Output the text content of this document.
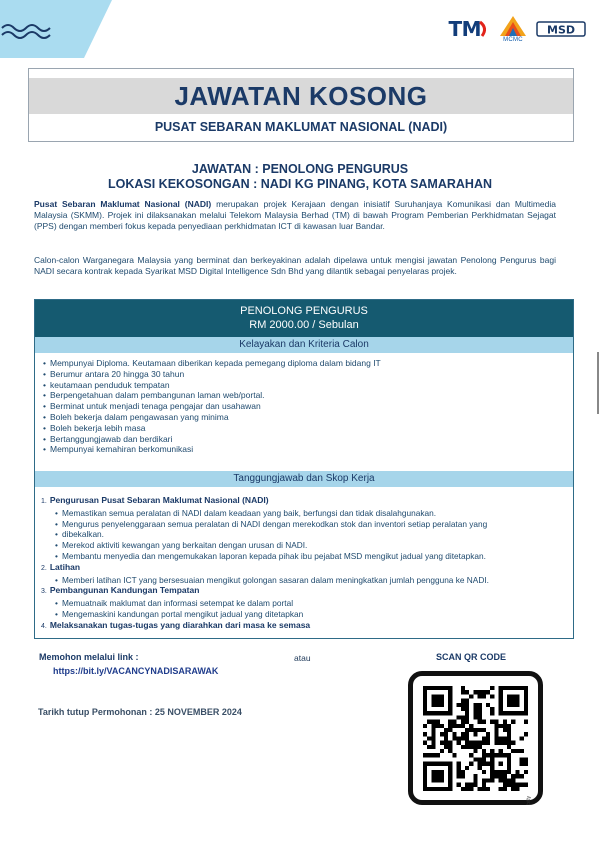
TM	MCMC
MSD
JAWATAN KOSONG
PUSAT SEBARAN MAKLUMAT NASIONAL (NADI)
JAWATAN : PENOLONG PENGURUS
LOKASI KEKOSONGAN : NADI KG PINANG, KOTA SAMARAHAN
Pusat Sebaran Maklumat Nasional (NADI) merupakan projek Kerajaan dengan inisiatif Suruhanjaya Komunikasi dan Multimedia Malaysia (SKMM). Projek ini dilaksanakan melalui Telekom Malaysia Berhad (TM) di bawah Program Pemberian Perkhidmatan Sejagat (PPS) dengan memberi fokus kepada penyediaan perkhidmatan ICT di kawasan luar Bandar.
Calon-calon Warganegara Malaysia yang berminat dan berkeyakinan adalah dipelawa untuk mengisi jawatan Penolong Pengurus bagi NADI secara kontrak kepada Syarikat MSD Digital Intelligence Sdn Bhd yang dilantik sebagai penyelaras projek.
PENOLONG PENGURUS
RM 2000.00 / Sebulan
Kelayakan dan Kriteria Calon
• Mempunyai Diploma. Keutamaan diberikan kepada pemegang diploma dalam bidang IT
• Berumur antara 20 hingga 30 tahun
• keutamaan penduduk tempatan
• Berpengetahuan dalam pembangunan laman web/portal.
• Berminat untuk menjadi tenaga pengajar dan usahawan
• Boleh bekerja dalam pengawasan yang minima
• Boleh bekerja lebih masa
• Bertanggungjawab dan berdikari
• Mempunyai kemahiran berkomunikasi
Tanggungjawab dan Skop Kerja
1. Pengurusan Pusat Sebaran Maklumat Nasional (NADI)
• Memastikan semua peralatan di NADI dalam keadaan yang baik, berfungsi dan tidak disalahgunakan.
• Mengurus penyelenggaraan semua peralatan di NADI dengan merekodkan stok dan inventori setiap peralatan yang
• dibekalkan.
• Merekod aktiviti kewangan yang berkaitan dengan urusan di NADI.
• Membantu menyedia dan mengemukakan laporan kepada pihak ibu pejabat MSD mengikut jadual yang ditetapkan.
2. Latihan
• Memberi latihan ICT yang bersesuaian mengikut golongan sasaran dalam meningkatkan jumlah pengguna ke NADI.
3. Pembangunan Kandungan Tempatan
• Memuatnaik maklumat dan informasi setempat ke dalam portal
• Mengemaskini kandungan portal mengikut jadual yang ditetapkan
4. Melaksanakan tugas-tugas yang diarahkan dari masa ke semasa
Memohon melalui link :
https://bit.ly/VACANCYNADISARAWAK
atau	SCAN QR CODE
Tarikh tutup Permohonan : 25 NOVEMBER 2024
bitly
